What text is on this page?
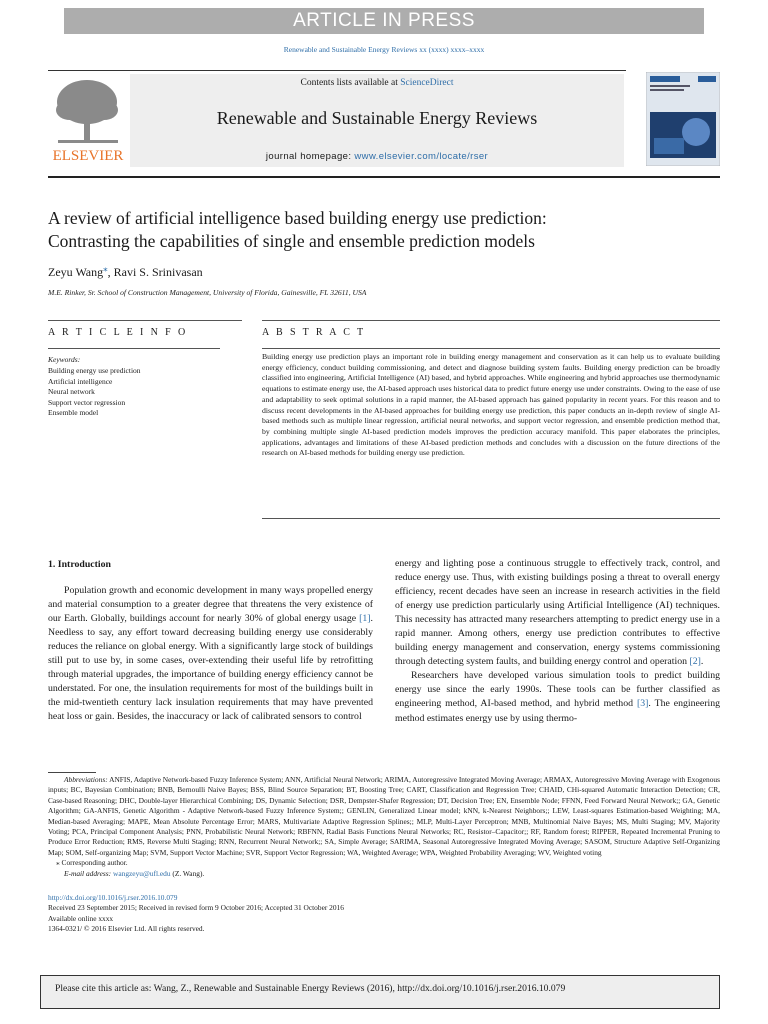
ARTICLE IN PRESS
Renewable and Sustainable Energy Reviews xx (xxxx) xxxx–xxxx
ELSEVIER
Contents lists available at ScienceDirect
Renewable and Sustainable Energy Reviews
journal homepage: www.elsevier.com/locate/rser
A review of artificial intelligence based building energy use prediction:
Contrasting the capabilities of single and ensemble prediction models
Zeyu Wang⁎, Ravi S. Srinivasan
M.E. Rinker, Sr. School of Construction Management, University of Florida, Gainesville, FL 32611, USA
A R T I C L E I N F O	A B S T R A C T
Keywords:
Building energy use prediction
Artificial intelligence
Neural network
Support vector regression
Ensemble model
Building energy use prediction plays an important role in building energy management and conservation as it can help us to evaluate building energy efficiency, conduct building commissioning, and detect and diagnose building system faults. Building energy prediction can be broadly classified into engineering, Artificial Intelligence (AI) based, and hybrid approaches. While engineering and hybrid approaches use thermodynamic equations to estimate energy use, the AI-based approach uses historical data to predict future energy use under constraints. Owing to the ease of use and adaptability to seek optimal solutions in a rapid manner, the AI-based approach has gained popularity in recent years. For this reason and to discuss recent developments in the AI-based approaches for building energy use prediction, this paper conducts an in-depth review of single AI-based methods such as multiple linear regression, artificial neural networks, and support vector regression, and ensemble prediction method that, by combining multiple single AI-based prediction models improves the prediction accuracy manifold. This paper elaborates the principles, applications, advantages and limitations of these AI-based prediction methods and concludes with a discussion on the future directions of the research on AI-based methods for building energy use prediction.
1. Introduction

Population growth and economic development in many ways propelled energy and material consumption to a greater degree that threatens the very existence of our Earth. Globally, buildings account for nearly 30% of global energy usage [1]. Needless to say, any effort toward decreasing building energy use considerably reduces the reliance on global energy. With a significantly large stock of buildings still put to use by, in some cases, over-extending their useful life by retrofitting through material upgrades, the importance of building energy efficiency cannot be understated. For one, the insulation requirements for most of the buildings built in the mid-twentieth century lack insulation requirements that may have prevented heat loss or gain. Besides, the inaccuracy or lack of calibrated sensors to control

energy and lighting pose a continuous struggle to effectively track, control, and reduce energy use. Thus, with existing buildings posing a threat to overall energy efficiency, recent decades have seen an increase in research activities in the field of energy use prediction particularly using Artificial Intelligence (AI) techniques. This necessity has attracted many researchers attempting to predict energy use in a rapid manner. Among others, energy use prediction contributes to effective building energy management and conservation, energy systems commissioning through detecting system faults, and building energy control and operation [2].

Researchers have developed various simulation tools to predict building energy use since the early 1990s. These tools can be further classified as engineering method, AI-based method, and hybrid method [3]. The engineering method estimates energy use by using thermo-

Abbreviations: ANFIS, Adaptive Network-based Fuzzy Inference System; ANN, Artificial Neural Network; ARIMA, Autoregressive Integrated Moving Average; ARMAX, Autoregressive Moving Average with Exogenous inputs; BC, Bayesian Combination; BNB, Bernoulli Naive Bayes; BSS, Blind Source Separation; BT, Boosting Tree; CART, Classification and Regression Tree; CHAID, CHi-squared Automatic Interaction Detection; CR, Case-based Reasoning; DHC, Double-layer Hierarchical Combining; DS, Dynamic Selection; DSR, Dempster-Shafer Regression; DT, Decision Tree; EN, Ensemble Node; FFNN, Feed Forward Neural Network;; GA, Genetic Algorithm; GA-ANFIS, Genetic Algorithm - Adaptive Network-based Fuzzy Inference System;; GENLIN, Generalized Linear model; kNN, k-Nearest Neighbors;; LEW, Least-squares Estimation-based Weighting; MA, Median-based Averaging; MAPE, Mean Absolute Percentage Error; MARS, Multivariate Adaptive Regression Splines;; MLP, Multi-Layer Perceptron; MNB, Multinomial Naive Bayes; MS, Multi Staging; MV, Majority Voting; PCA, Principal Component Analysis; PNN, Probabilistic Neural Network; RBFNN, Radial Basis Functions Neural Networks; RC, Resistor–Capacitor;; RF, Random forest; RIPPER, Repeated Incremental Pruning to Produce Error Reduction; RMS, Reverse Multi Staging; RNN, Recurrent Neural Network;; SA, Simple Average; SARIMA, Seasonal Autoregressive Integrated Moving Average; SASOM, Structure Adaptive Self-Organizing Map; SOM, Self-organizing Map; SVM, Support Vector Machine; SVR, Support Vector Regression; WA, Weighted Average; WPA, Weighted Probability Averaging; WV, Weighted voting
⁎ Corresponding author.
E-mail address: wangzeyu@ufl.edu (Z. Wang).
http://dx.doi.org/10.1016/j.rser.2016.10.079
Received 23 September 2015; Received in revised form 9 October 2016; Accepted 31 October 2016
Available online xxxx
1364-0321/ © 2016 Elsevier Ltd. All rights reserved.
Please cite this article as: Wang, Z., Renewable and Sustainable Energy Reviews (2016), http://dx.doi.org/10.1016/j.rser.2016.10.079
